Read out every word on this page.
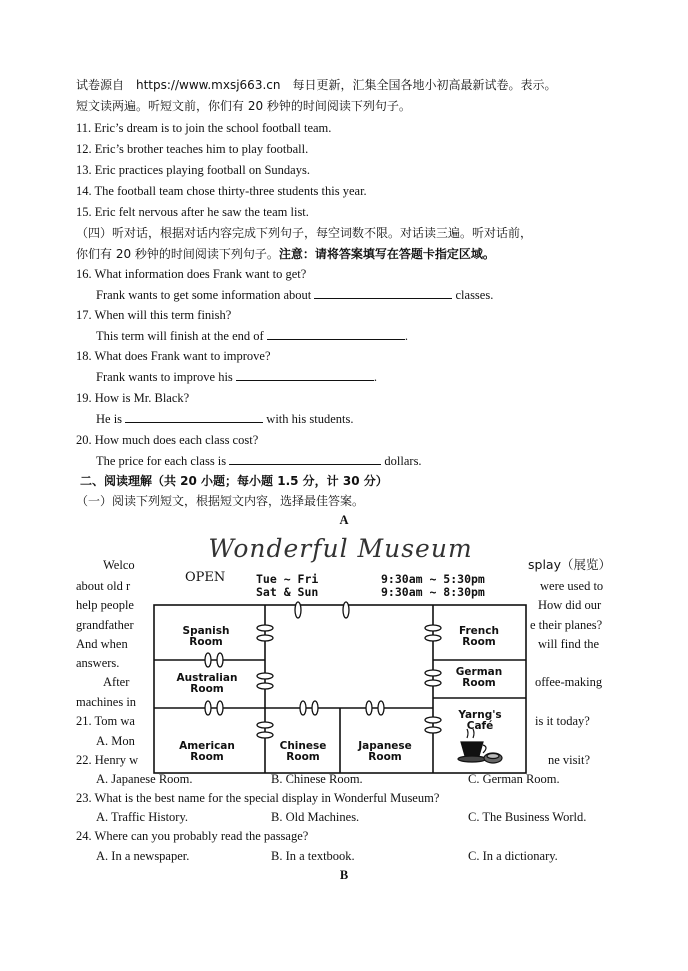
试卷源自　https://www.mxsj663.cn　每日更新，汇集全国各地小初高最新试卷。表示。
短文读两遍。听短文前，你们有 20 秒钟的时间阅读下列句子。
11. Eric’s dream is to join the school football team.
12. Eric’s brother teaches him to play football.
13. Eric practices playing football on Sundays.
14. The football team chose thirty-three students this year.
15. Eric felt nervous after he saw the team list.
（四）听对话，根据对话内容完成下列句子，每空词数不限。对话读三遍。听对话前，
你们有 20 秒钟的时间阅读下列句子。注意：请将答案填写在答题卡指定区域。
16. What information does Frank want to get?
Frank wants to get some information about	classes.
17. When will this term finish?
This term will finish at the end of	.
18. What does Frank want to improve?
Frank wants to improve his	.
19. How is Mr. Black?
He is	with his students.
20. How much does each class cost?
The price for each class is	dollars.
二、阅读理解（共 20 小题；每小题 1.5 分，计 30 分）
（一）阅读下列短文，根据短文内容，选择最佳答案。
A
Welco
about old r
help people
grandfather
And when
answers.
After
machines in
splay（展览）
were used to
How did our
e their planes?
will find the
offee-making
Wonderful Museum
OPEN	Tue ~ Fri	9:30am ~ 5:30pm
Sat & Sun	9:30am ~ 8:30pm
Spanish Room
French Room
Australian Room
German Room
Yarng's Café
American Room
Chinese Room
Japanese Room
21. Tom wa	is it today?
A. Mon
22. Henry w	ne visit?
A. Japanese Room.	B. Chinese Room.	C. German Room.
23. What is the best name for the special display in Wonderful Museum?
A. Traffic History.	B. Old Machines.	C. The Business World.
24. Where can you probably read the passage?
A. In a newspaper.	B. In a textbook.	C. In a dictionary.
B
